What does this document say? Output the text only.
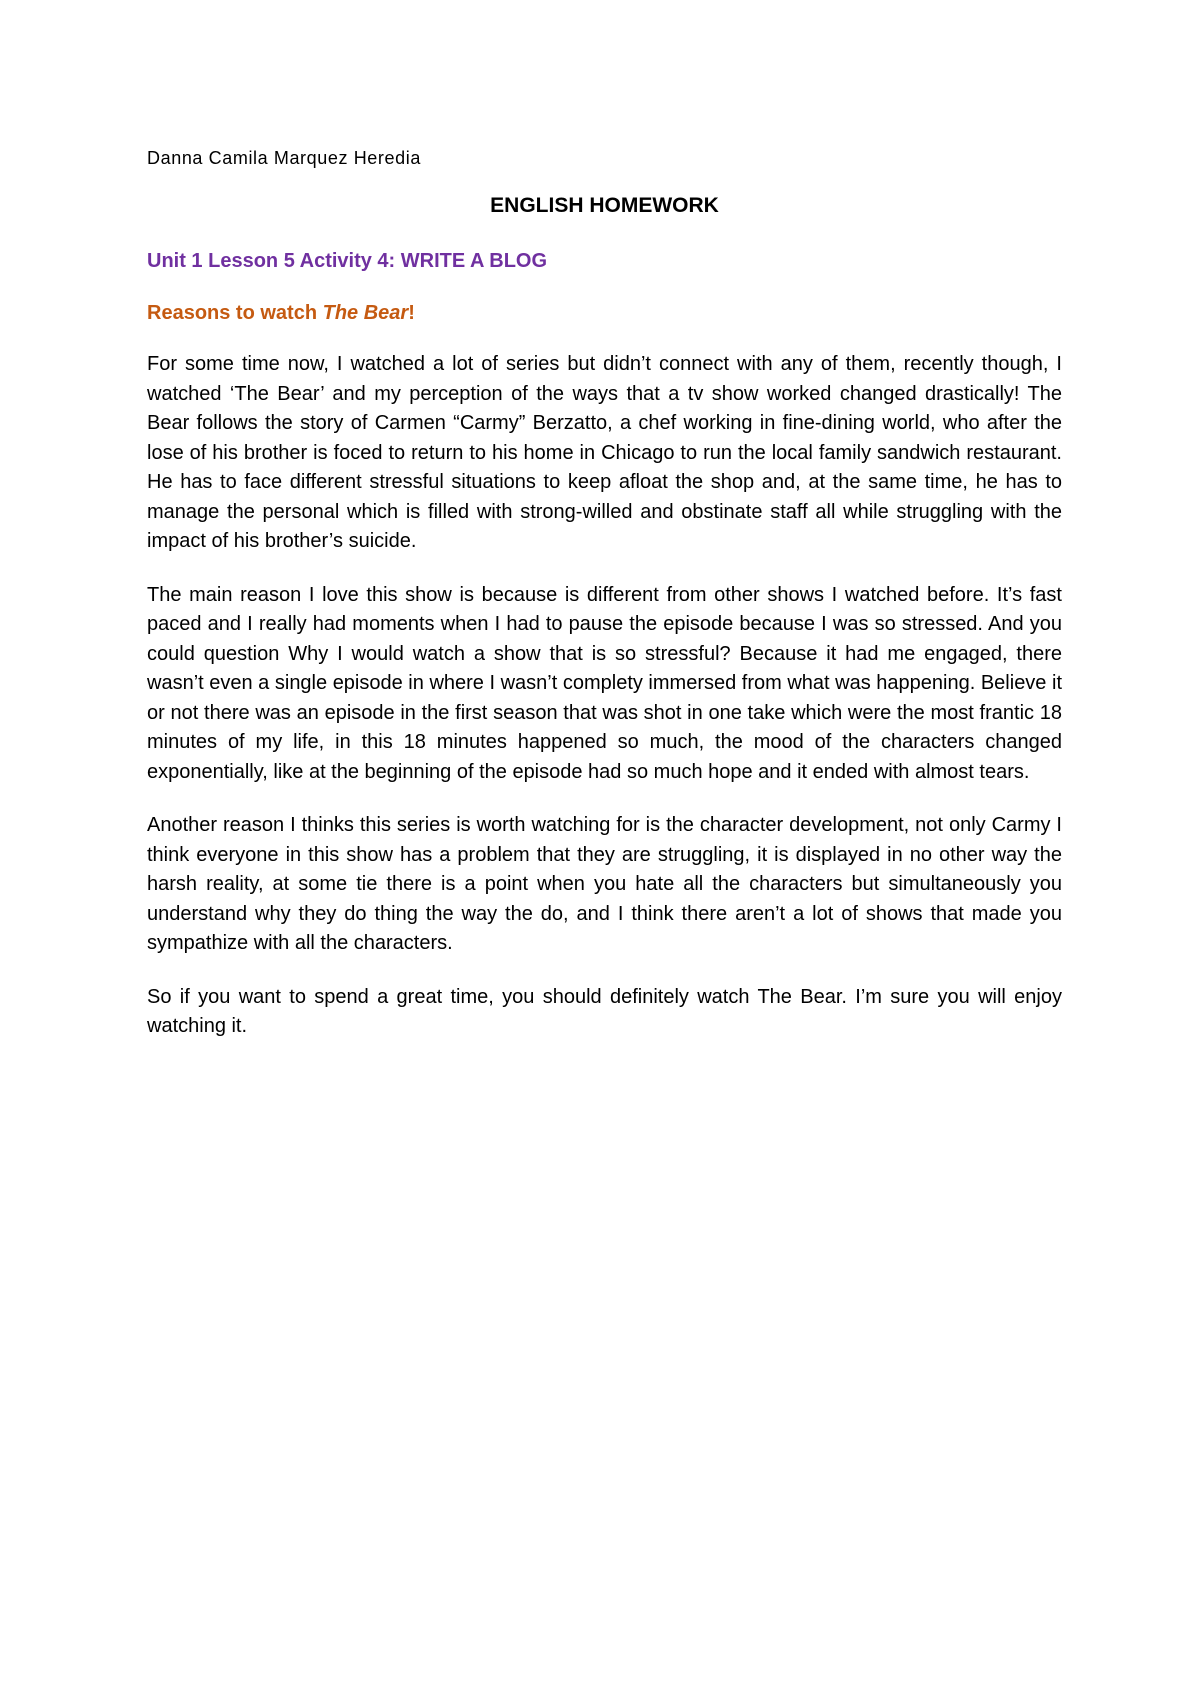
Danna Camila Marquez Heredia
ENGLISH HOMEWORK
Unit 1 Lesson 5 Activity 4: WRITE A BLOG
Reasons to watch The Bear!

For some time now, I watched a lot of series but didn’t connect with any of them, recently though, I watched ‘The Bear’ and my perception of the ways that a tv show worked changed drastically! The Bear follows the story of Carmen “Carmy” Berzatto, a chef working in fine-dining world, who after the lose of his brother is foced to return to his home in Chicago to run the local family sandwich restaurant. He has to face different stressful situations to keep afloat the shop and, at the same time, he has to manage the personal which is filled with strong-willed and obstinate staff all while struggling with the impact of his brother’s suicide.

The main reason I love this show is because is different from other shows I watched before. It’s fast paced and I really had moments when I had to pause the episode because I was so stressed. And you could question Why I would watch a show that is so stressful? Because it had me engaged, there wasn’t even a single episode in where I wasn’t complety immersed from what was happening. Believe it or not there was an episode in the first season that was shot in one take which were the most frantic 18 minutes of my life, in this 18 minutes happened so much, the mood of the characters changed exponentially, like at the beginning of the episode had so much hope and it ended with almost tears.

Another reason I thinks this series is worth watching for is the character development, not only Carmy I think everyone in this show has a problem that they are struggling, it is displayed in no other way the harsh reality, at some tie there is a point when you hate all the characters but simultaneously you understand why they do thing the way the do, and I think there aren’t a lot of shows that made you sympathize with all the characters.

So if you want to spend a great time, you should definitely watch The Bear. I’m sure you will enjoy watching it.
